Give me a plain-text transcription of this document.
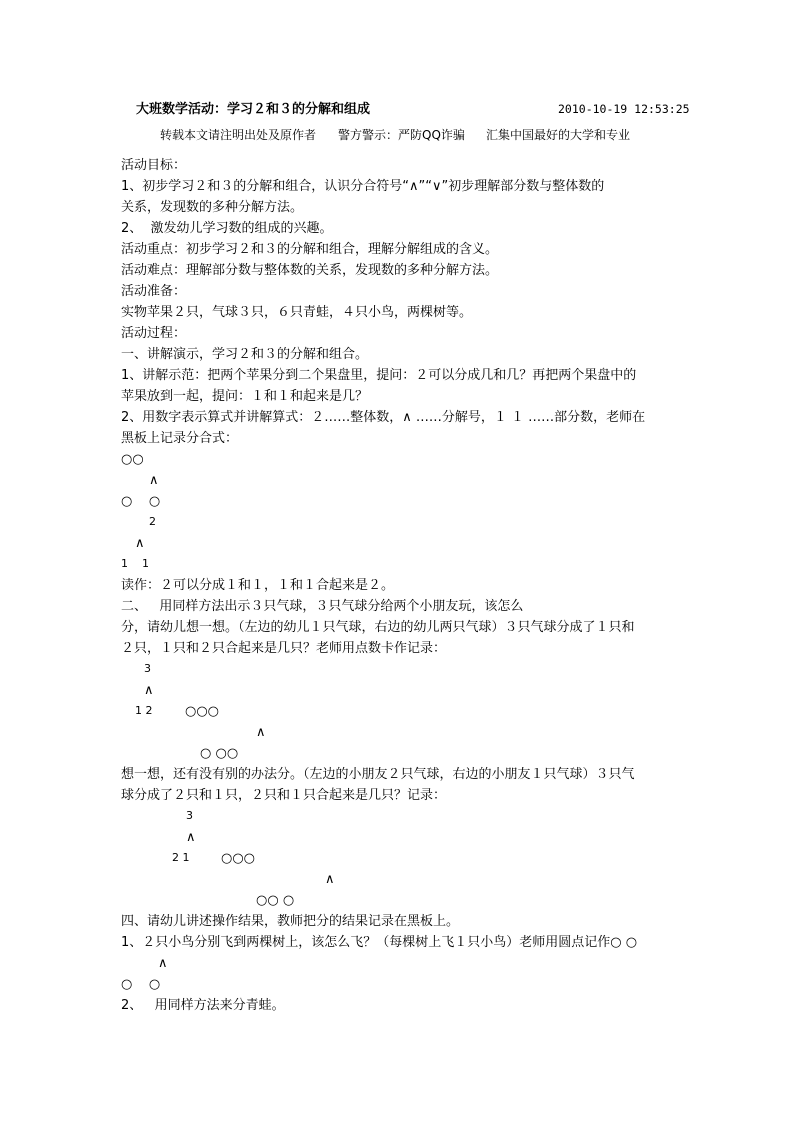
大班数学活动：学习２和３的分解和组成	2010-10-19 12:53:25
转载本文请注明出处及原作者 警方警示：严防QQ诈骗 汇集中国最好的大学和专业
活动目标：
1、初步学习２和３的分解和组合，认识分合符号“∧”“∨”初步理解部分数与整体数的
关系，发现数的多种分解方法。
2、  激发幼儿学习数的组成的兴趣。
活动重点：初步学习２和３的分解和组合，理解分解组成的含义。
活动难点：理解部分数与整体数的关系，发现数的多种分解方法。
活动准备：
实物苹果２只，气球３只，６只青蛙，４只小鸟，两棵树等。
活动过程：
一、讲解演示，学习２和３的分解和组合。
1、讲解示范：把两个苹果分到二个果盘里，提问：２可以分成几和几？再把两个果盘中的
苹果放到一起，提问：１和１和起来是几？
2、用数字表示算式并讲解算式：２……整体数，∧ ……分解号，１ １ ……部分数，老师在
黑板上记录分合式：
○○
∧
○    ○
2
∧
1    1
读作：２可以分成１和１，１和１合起来是２。
二、   用同样方法出示３只气球，３只气球分给两个小朋友玩，该怎么
分，请幼儿想一想。（左边的幼儿１只气球，右边的幼儿两只气球）３只气球分成了１只和
２只，１只和２只合起来是几只？老师用点数卡作记录：
3
∧
1 2	○○○
∧
○ ○○
想一想，还有没有别的办法分。（左边的小朋友２只气球，右边的小朋友１只气球）３只气
球分成了２只和１只，２只和１只合起来是几只？记录：
3
∧
2 1 ○○○
∧
○○ ○
四、请幼儿讲述操作结果，教师把分的结果记录在黑板上。
1、２只小鸟分别飞到两棵树上，该怎么飞？（每棵树上飞１只小鸟）老师用圆点记作○ ○
∧
○    ○
2、   用同样方法来分青蛙。
